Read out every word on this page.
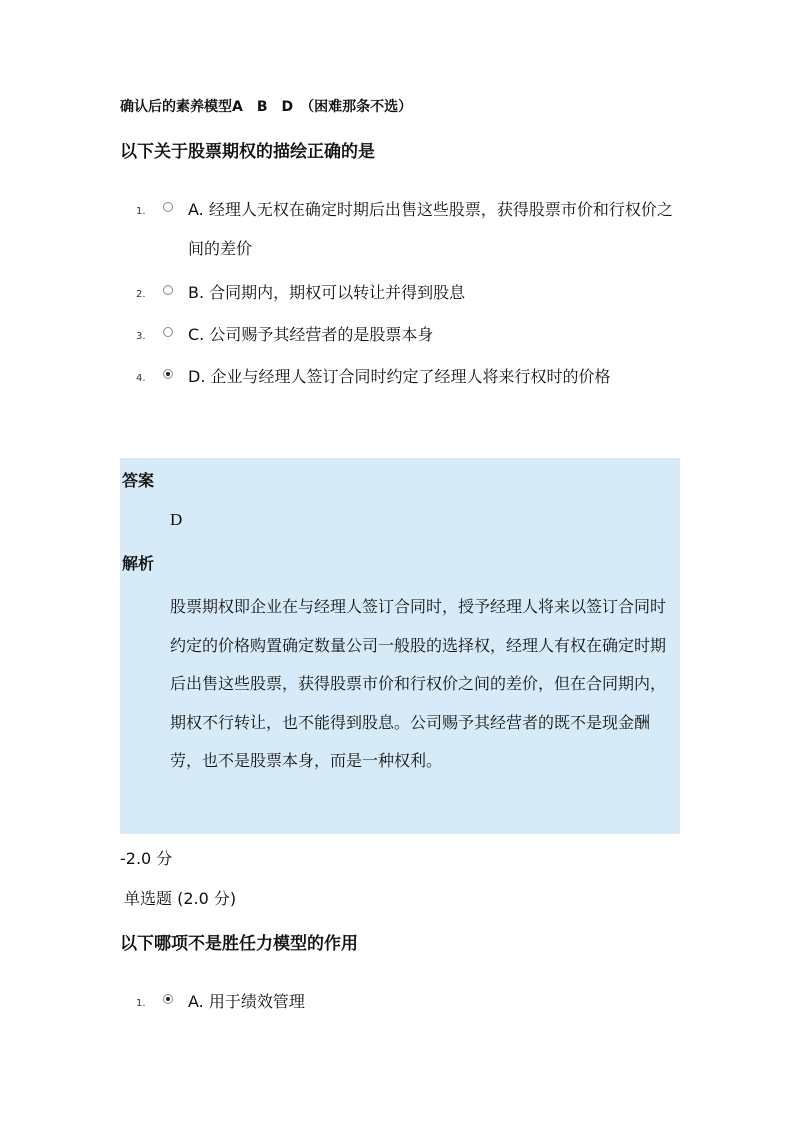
确认后的素养模型A　B　D　（困难那条不选）
以下关于股票期权的描绘正确的是
1.	A. 经理人无权在确定时期后出售这些股票，获得股票市价和行权价之间的差价
2.	B. 合同期内，期权可以转让并得到股息
3.	C. 公司赐予其经营者的是股票本身
4.	D. 企业与经理人签订合同时约定了经理人将来行权时的价格
答案
D
解析
股票期权即企业在与经理人签订合同时，授予经理人将来以签订合同时约定的价格购置确定数量公司一般股的选择权，经理人有权在确定时期后出售这些股票，获得股票市价和行权价之间的差价，但在合同期内，期权不行转让，也不能得到股息。公司赐予其经营者的既不是现金酬劳，也不是股票本身，而是一种权利。
-2.0 分
单选题 (2.0 分)
以下哪项不是胜任力模型的作用
1.	A. 用于绩效管理
